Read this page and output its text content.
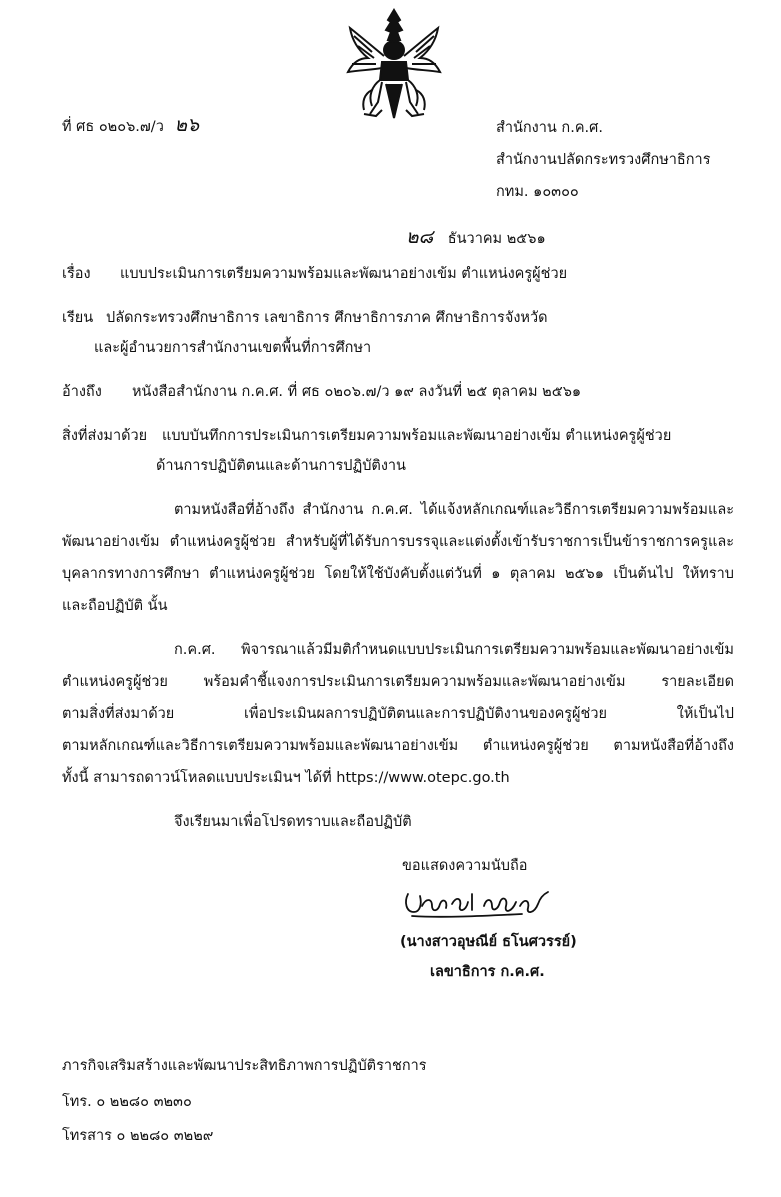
ที่ ศธ ๐๒๐๖.๗/ว ๒๖	สำนักงาน ก.ค.ศ.
สำนักงานปลัดกระทรวงศึกษาธิการ
กทม. ๑๐๓๐๐
๒๘ ธันวาคม ๒๕๖๑
เรื่อง แบบประเมินการเตรียมความพร้อมและพัฒนาอย่างเข้ม ตำแหน่งครูผู้ช่วย
เรียน ปลัดกระทรวงศึกษาธิการ เลขาธิการ ศึกษาธิการภาค ศึกษาธิการจังหวัด
และผู้อำนวยการสำนักงานเขตพื้นที่การศึกษา
อ้างถึง หนังสือสำนักงาน ก.ค.ศ. ที่ ศธ ๐๒๐๖.๗/ว ๑๙ ลงวันที่ ๒๕ ตุลาคม ๒๕๖๑
สิ่งที่ส่งมาด้วย แบบบันทึกการประเมินการเตรียมความพร้อมและพัฒนาอย่างเข้ม ตำแหน่งครูผู้ช่วย
ด้านการปฏิบัติตนและด้านการปฏิบัติงาน
ตามหนังสือที่อ้างถึง สำนักงาน ก.ค.ศ. ได้แจ้งหลักเกณฑ์และวิธีการเตรียมความพร้อมและ
พัฒนาอย่างเข้ม ตำแหน่งครูผู้ช่วย สำหรับผู้ที่ได้รับการบรรจุและแต่งตั้งเข้ารับราชการเป็นข้าราชการครูและ
บุคลากรทางการศึกษา ตำแหน่งครูผู้ช่วย โดยให้ใช้บังคับตั้งแต่วันที่ ๑ ตุลาคม ๒๕๖๑ เป็นต้นไป ให้ทราบ
และถือปฏิบัติ นั้น
ก.ค.ศ. พิจารณาแล้วมีมติกำหนดแบบประเมินการเตรียมความพร้อมและพัฒนาอย่างเข้ม
ตำแหน่งครูผู้ช่วย พร้อมคำชี้แจงการประเมินการเตรียมความพร้อมและพัฒนาอย่างเข้ม รายละเอียด
ตามสิ่งที่ส่งมาด้วย เพื่อประเมินผลการปฏิบัติตนและการปฏิบัติงานของครูผู้ช่วย ให้เป็นไป
ตามหลักเกณฑ์และวิธีการเตรียมความพร้อมและพัฒนาอย่างเข้ม ตำแหน่งครูผู้ช่วย ตามหนังสือที่อ้างถึง
ทั้งนี้ สามารถดาวน์โหลดแบบประเมินฯ ได้ที่ https://www.otepc.go.th
จึงเรียนมาเพื่อโปรดทราบและถือปฏิบัติ
ขอแสดงความนับถือ
(นางสาวอุษณีย์ ธโนศวรรย์)
เลขาธิการ ก.ค.ศ.
ภารกิจเสริมสร้างและพัฒนาประสิทธิภาพการปฏิบัติราชการ
โทร. ๐ ๒๒๘๐ ๓๒๓๐
โทรสาร ๐ ๒๒๘๐ ๓๒๒๙
